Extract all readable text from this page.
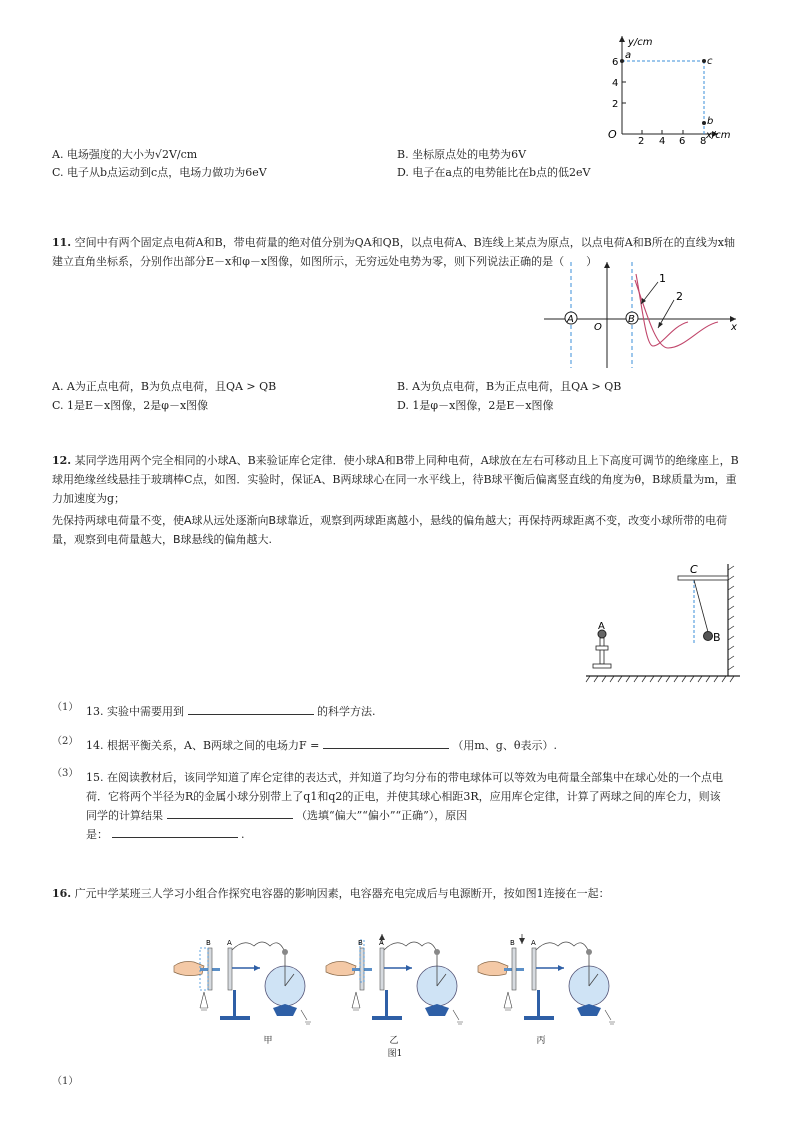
y/cm
x/cm
O
2 4 6 8
2
4
6
a
c
b
A. 电场强度的大小为√2V/cm	B. 坐标原点处的电势为6V
C. 电子从b点运动到c点，电场力做功为6eV	D. 电子在a点的电势能比在b点的低2eV
11. 空间中有两个固定点电荷A和B，带电荷量的绝对值分别为QA和QB，以点电荷A、B连线上某点为原点，以点电荷A和B所在的直线为x轴建立直角坐标系，分别作出部分E－x和φ－x图像，如图所示，无穷远处电势为零，则下列说法正确的是（　　）
A	B
O	x
1
2
A. A为正点电荷，B为负点电荷，且QA > QB	B. A为负点电荷，B为正点电荷，且QA > QB
C. 1是E－x图像，2是φ－x图像	D. 1是φ－x图像，2是E－x图像
12. 某同学选用两个完全相同的小球A、B来验证库仑定律．使小球A和B带上同种电荷，A球放在左右可移动且上下高度可调节的绝缘座上，B球用绝缘丝线悬挂于玻璃棒C点，如图．实验时，保证A、B两球球心在同一水平线上，待B球平衡后偏离竖直线的角度为θ，B球质量为m，重力加速度为g；
先保持两球电荷量不变，使A球从远处逐渐向B球靠近，观察到两球距离越小，悬线的偏角越大；再保持两球距离不变，改变小球所带的电荷量，观察到电荷量越大，B球悬线的偏角越大.
C
B
A
（1） 13. 实验中需要用到	的科学方法.
（2） 14. 根据平衡关系，A、B两球之间的电场力F =	（用m、g、θ表示）.
（3） 15. 在阅读教材后，该同学知道了库仑定律的表达式，并知道了均匀分布的带电球体可以等效为电荷量全部集中在球心处的一个点电荷．它将两个半径为R的金属小球分别带上了q1和q2的正电，并使其球心相距3R，应用库仑定律，计算了两球之间的库仑力，则该同学的计算结果	（选填“偏大”“偏小”“正确”），原因
是：	.
16. 广元中学某班三人学习小组合作探究电容器的影响因素，电容器充电完成后与电源断开，按如图1连接在一起：
B A	B A	B A
甲	乙	丙
图1
（1）
